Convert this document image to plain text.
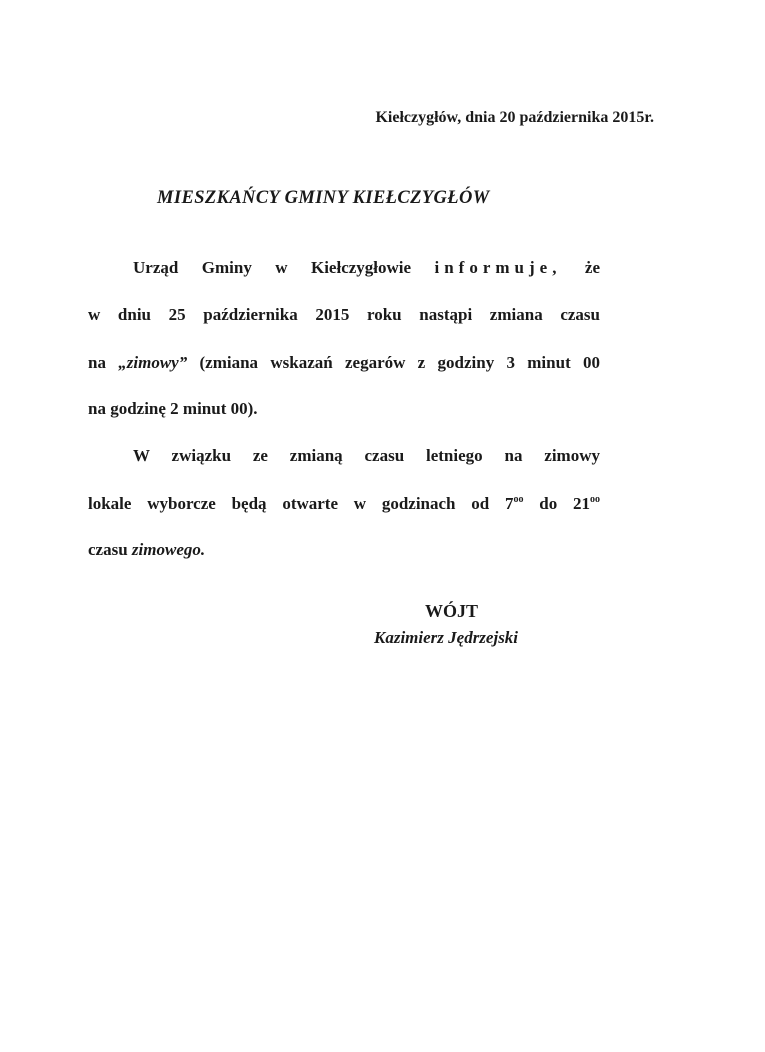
Kiełczygłów, dnia 20 października 2015r.
MIESZKAŃCY GMINY KIEŁCZYGŁÓW
Urząd Gminy w Kiełczygłowie informuje, że
w dniu 25 października 2015 roku nastąpi zmiana czasu
na „zimowy” (zmiana wskazań zegarów z godziny 3 minut 00
na godzinę 2 minut 00).
W związku ze zmianą czasu letniego na zimowy
lokale wyborcze będą otwarte w godzinach od $7^{oo}$ do $21^{oo}$
czasu zimowego.
WÓJT
Kazimierz Jędrzejski
